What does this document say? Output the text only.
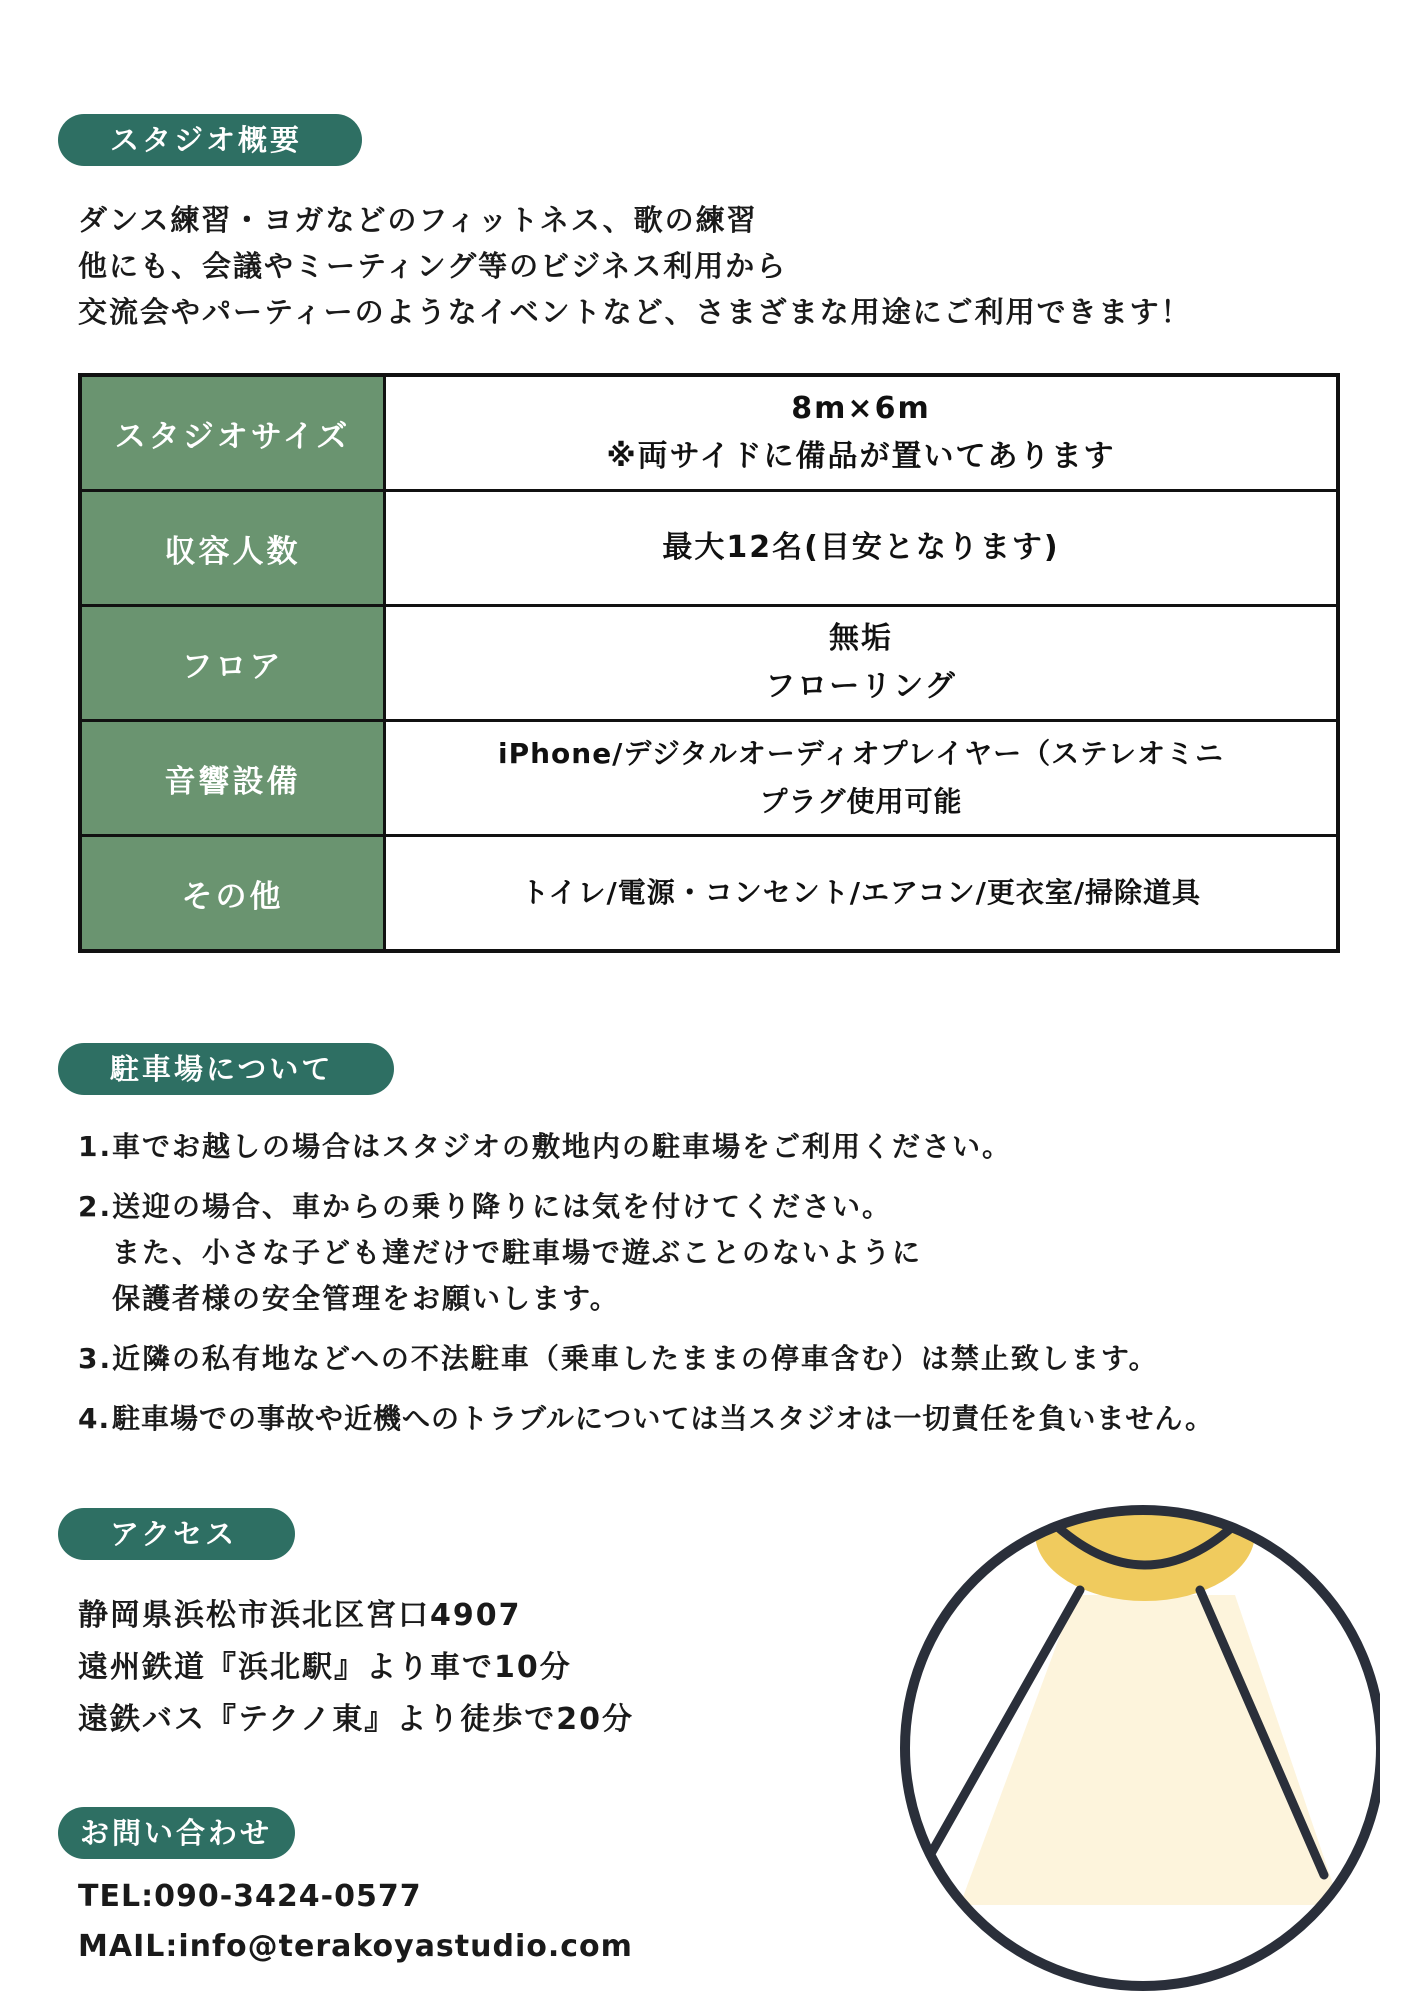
スタジオ概要
ダンス練習・ヨガなどのフィットネス、歌の練習
他にも、会議やミーティング等のビジネス利用から
交流会やパーティーのようなイベントなど、さまざまな用途にご利用できます！
スタジオサイズ	8m×6m
※両サイドに備品が置いてあります

収容人数	最大12名(目安となります)

フロア	無垢
フローリング

音響設備	iPhone/デジタルオーディオプレイヤー（ステレオミニ
プラグ使用可能

その他	トイレ/電源・コンセント/エアコン/更衣室/掃除道具
駐車場について
1.車でお越しの場合はスタジオの敷地内の駐車場をご利用ください。
2.送迎の場合、車からの乗り降りには気を付けてください。
また、小さな子ども達だけで駐車場で遊ぶことのないように
保護者様の安全管理をお願いします。
3.近隣の私有地などへの不法駐車（乗車したままの停車含む）は禁止致します。
4.駐車場での事故や近機へのトラブルについては当スタジオは一切責任を負いません。
アクセス
静岡県浜松市浜北区宮口4907
遠州鉄道『浜北駅』より車で10分
遠鉄バス『テクノ東』より徒歩で20分
お問い合わせ
TEL:090-3424-0577
MAIL:info@terakoyastudio.com
